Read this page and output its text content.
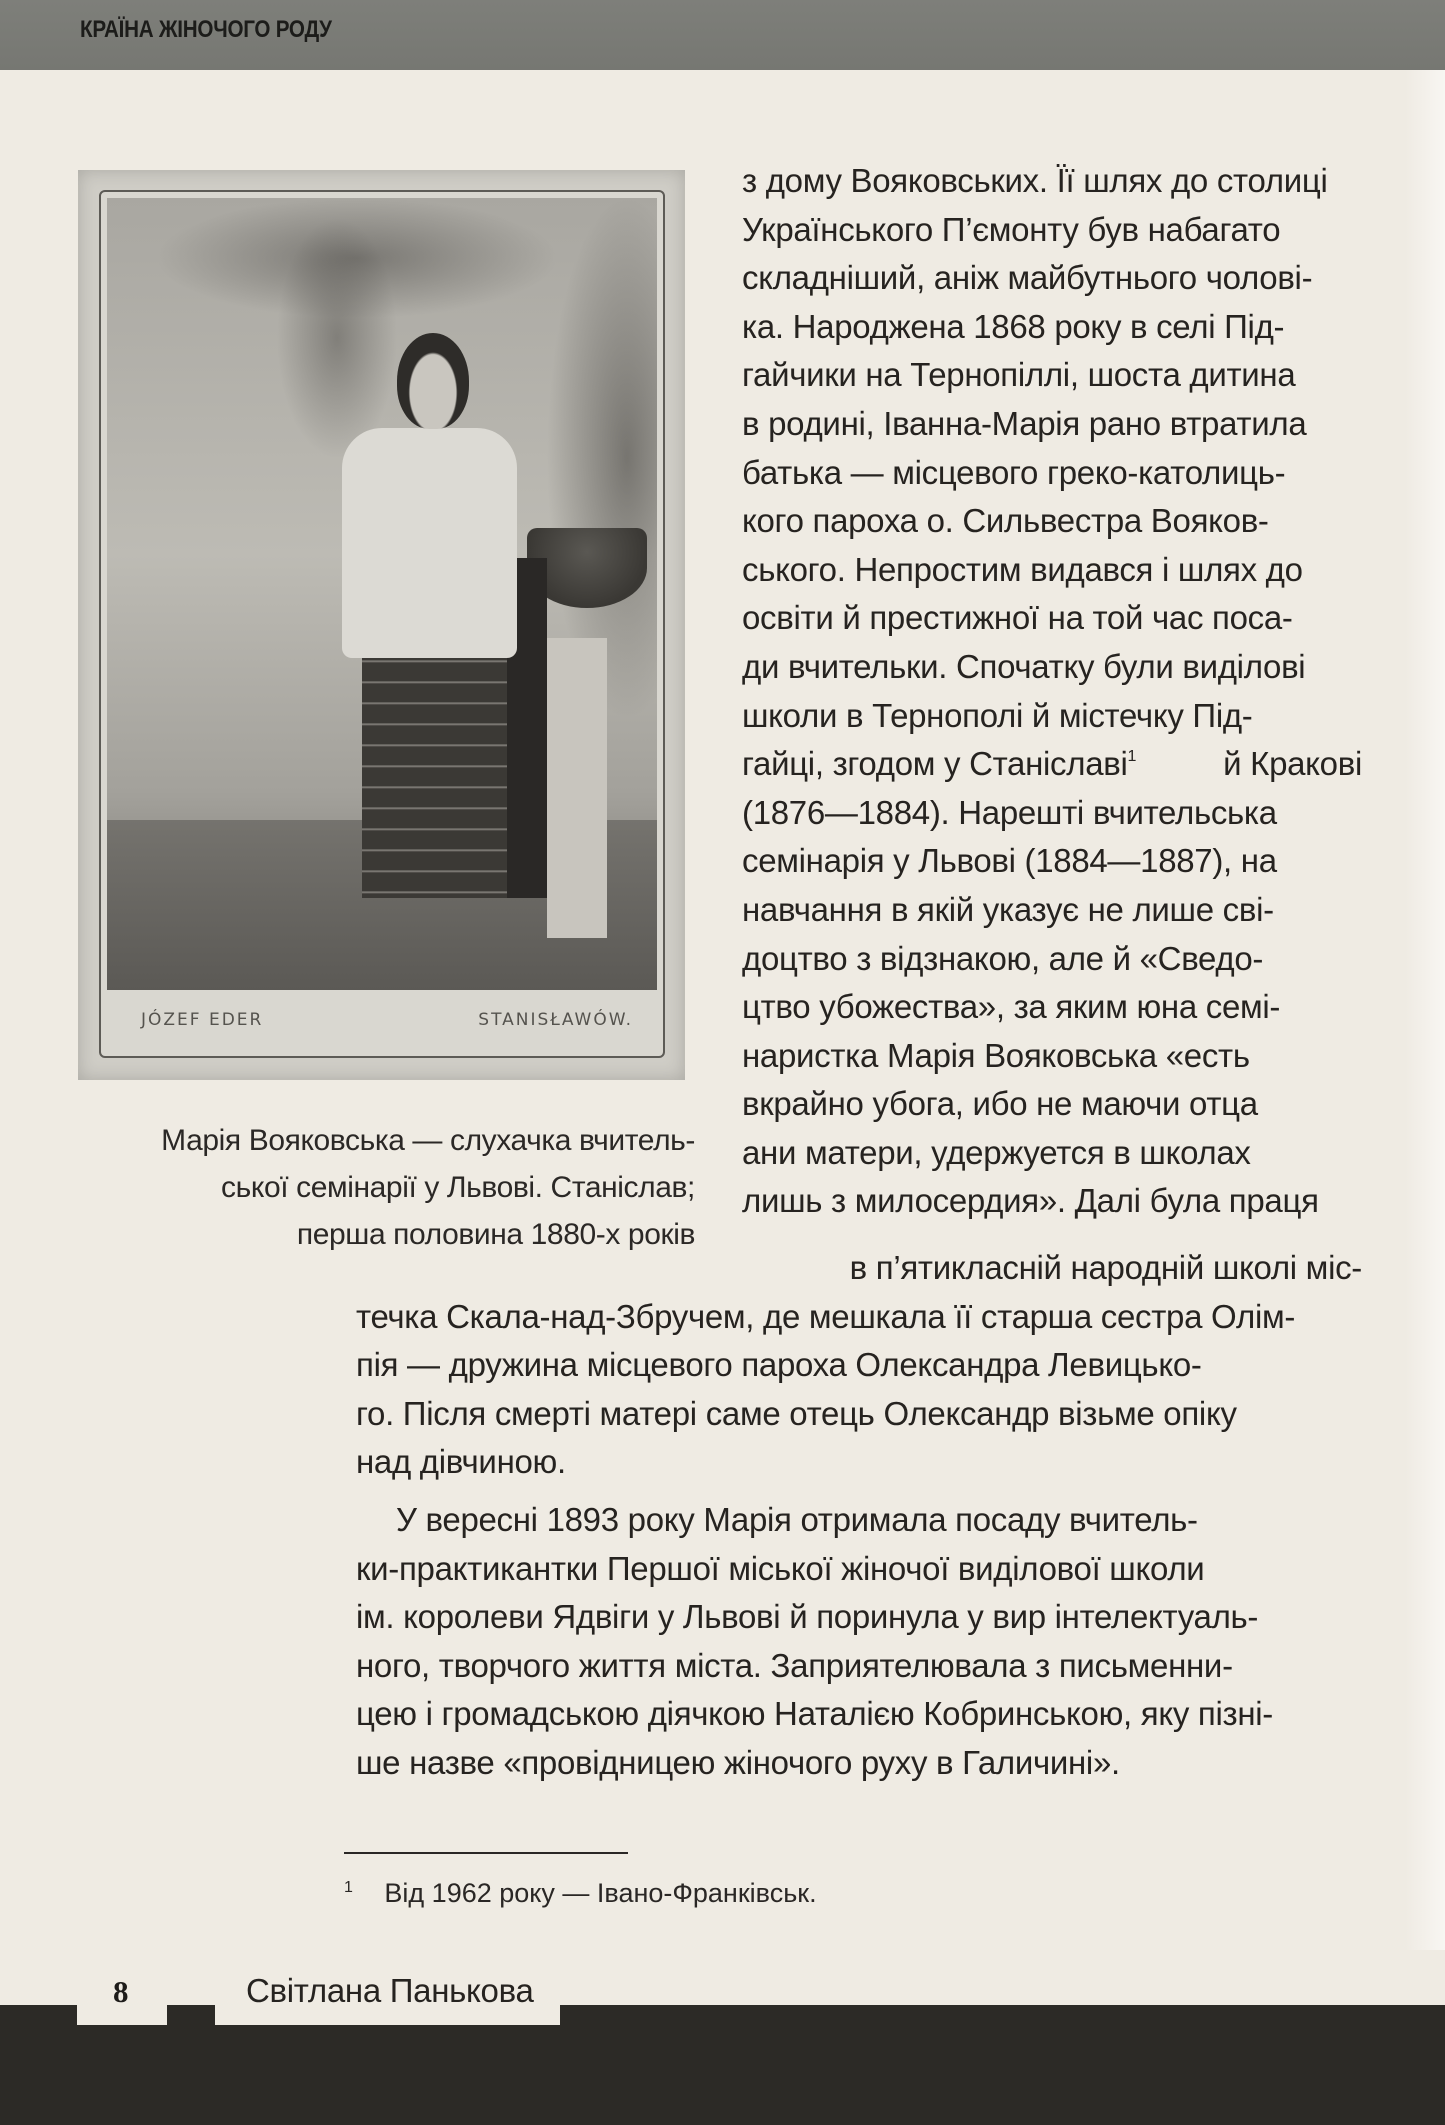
КРАЇНА ЖІНОЧОГО РОДУ
JÓZEF EDER	STANISŁAWÓW.
Марія Вояковська — слухачка вчитель-
ської семінарії у Львові. Станіслав;
перша половина 1880-х років
з дому Вояковських. Її шлях до столиці
Українського П’ємонту був набагато
складніший, аніж майбутнього чолові-
ка. Народжена 1868 року в селі Під-
гайчики на Тернопіллі, шоста дитина
в родині, Іванна-Марія рано втратила
батька — місцевого греко-католиць-
кого пароха о. Сильвестра Вояков-
ського. Непростим видався і шлях до
освіти й престижної на той час поса-
ди вчительки. Спочатку були виділові
школи в Тернополі й містечку Під-
гайці, згодом у Станіславі$^1$	й Кракові
(1876—1884). Нарешті вчительська
семінарія у Львові (1884—1887), на
навчання в якій указує не лише сві-
доцтво з відзнакою, але й «Сведо-
цтво убожества», за яким юна семі-
наристка Марія Вояковська «есть
вкрайно убога, ибо не маючи отца
ани матери, удержуется в школах
лишь з милосердия». Далі була праця
в п’ятикласній народній школі міс-
течка Скала-над-Збручем, де мешкала її старша сестра Олім-
пія — дружина місцевого пароха Олександра Левицько-
го. Після смерті матері саме отець Олександр візьме опіку
над дівчиною.
У вересні 1893 року Марія отримала посаду вчитель-
ки-практикантки Першої міської жіночої виділової школи
ім. королеви Ядвіги у Львові й поринула у вир інтелектуаль-
ного, творчого життя міста. Заприятелювала з письменни-
цею і громадською діячкою Наталією Кобринською, яку пізні-
ше назве «провідницею жіночого руху в Галичині».
$^1$ Від 1962 року — Івано-Франківськ.
8	Світлана Панькова
